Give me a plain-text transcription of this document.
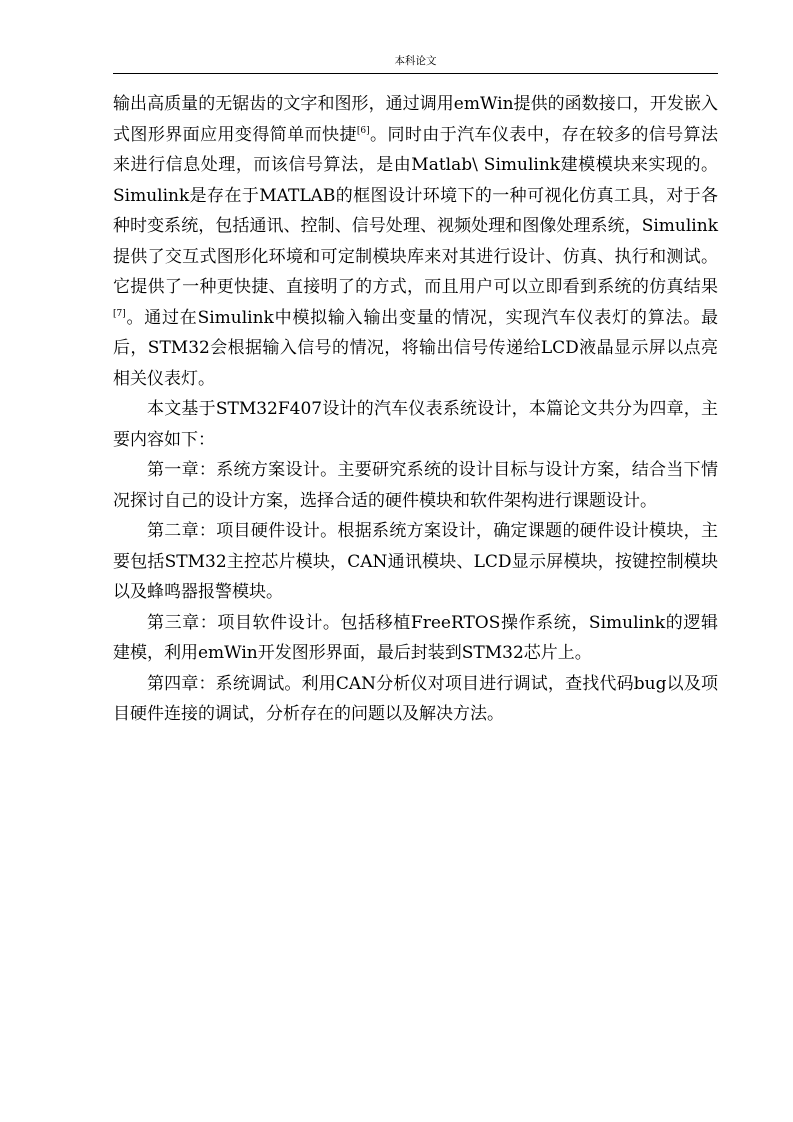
本科论文

输出高质量的无锯齿的文字和图形，通过调用emWin提供的函数接口，开发嵌入式图形界面应用变得简单而快捷[6]。同时由于汽车仪表中，存在较多的信号算法来进行信息处理，而该信号算法，是由Matlab\ Simulink建模模块来实现的。Simulink是存在于MATLAB的框图设计环境下的一种可视化仿真工具，对于各种时变系统，包括通讯、控制、信号处理、视频处理和图像处理系统，Simulink提供了交互式图形化环境和可定制模块库来对其进行设计、仿真、执行和测试。它提供了一种更快捷、直接明了的方式，而且用户可以立即看到系统的仿真结果[7]。通过在Simulink中模拟输入输出变量的情况，实现汽车仪表灯的算法。最后，STM32会根据输入信号的情况，将输出信号传递给LCD液晶显示屏以点亮相关仪表灯。

本文基于STM32F407设计的汽车仪表系统设计，本篇论文共分为四章，主要内容如下：

第一章：系统方案设计。主要研究系统的设计目标与设计方案，结合当下情况探讨自己的设计方案，选择合适的硬件模块和软件架构进行课题设计。

第二章：项目硬件设计。根据系统方案设计，确定课题的硬件设计模块，主要包括STM32主控芯片模块，CAN通讯模块、LCD显示屏模块，按键控制模块以及蜂鸣器报警模块。

第三章：项目软件设计。包括移植FreeRTOS操作系统，Simulink的逻辑建模，利用emWin开发图形界面，最后封装到STM32芯片上。

第四章：系统调试。利用CAN分析仪对项目进行调试，查找代码bug以及项目硬件连接的调试，分析存在的问题以及解决方法。
